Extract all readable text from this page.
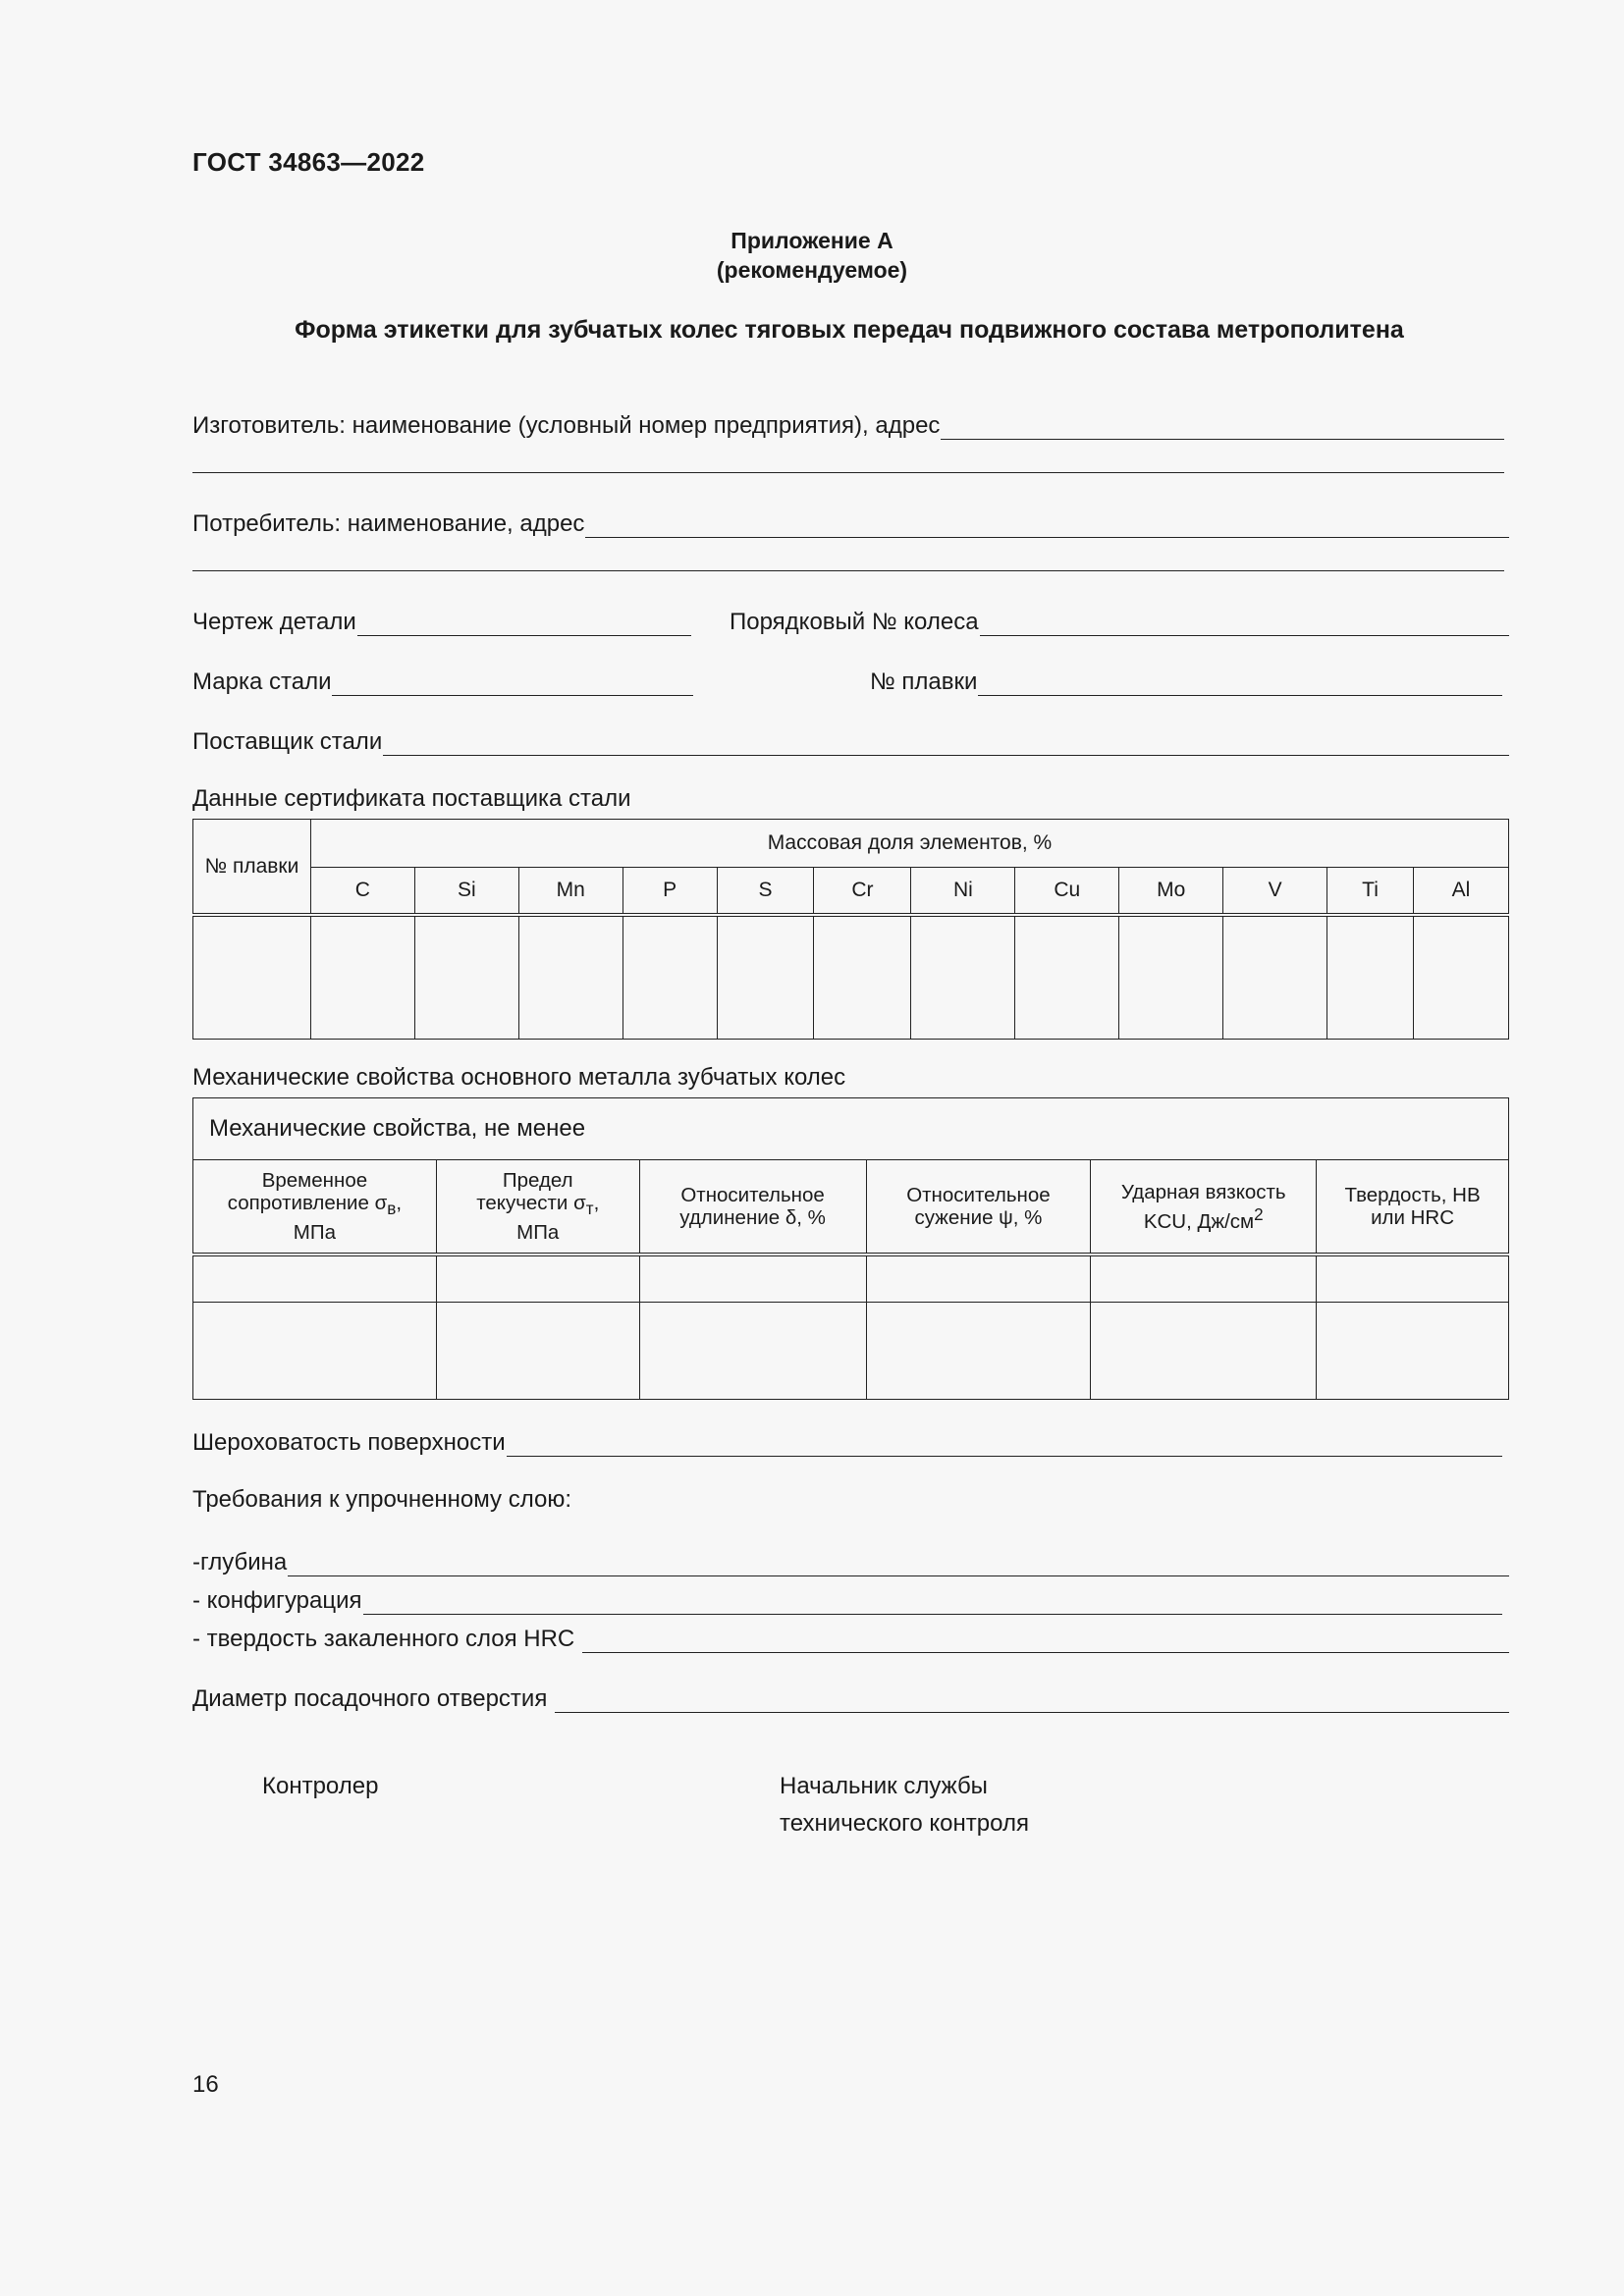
ГОСТ 34863—2022
Приложение А
(рекомендуемое)
Форма этикетки для зубчатых колес тяговых передач подвижного состава метрополитена
Изготовитель: наименование (условный номер предприятия), адрес
Потребитель: наименование, адрес
Чертеж детали	Порядковый № колеса
Марка стали	№ плавки
Поставщик стали
Данные сертификата поставщика стали
№ плавки	Массовая доля элементов, %											
	C	Si	Mn	P	S	Cr	Ni	Cu	Mo	V	Ti	Al

Механические свойства основного металла зубчатых колес
Механические свойства, не менее					
Временное
сопротивление $\sigma_в$,
МПа	Предел
текучести $\sigma_т$,
МПа	Относительное
удлинение δ, %	Относительное
сужение ψ, %	Ударная вязкость
KCU, $Дж/см^2$	Твердость, HB
или HRC

Шероховатость поверхности
Требования к упрочненному слою:
-глубина
- конфигурация
- твердость закаленного слоя HRC
Диаметр посадочного отверстия
Контролер	Начальник службы
технического контроля
16
